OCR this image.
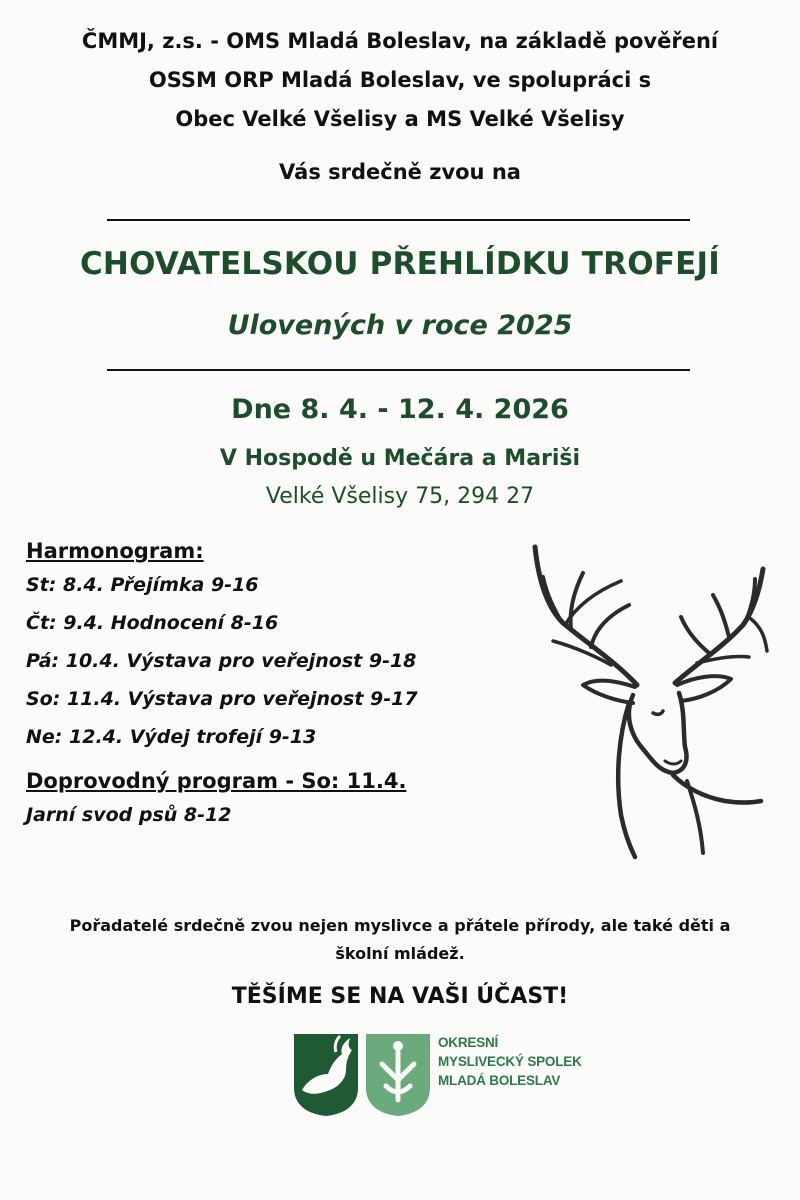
ČMMJ, z.s. - OMS Mladá Boleslav, na základě pověření
OSSM ORP Mladá Boleslav, ve spolupráci s
Obec Velké Všelisy a MS Velké Všelisy
Vás srdečně zvou na
CHOVATELSKOU PŘEHLÍDKU TROFEJÍ
Ulovených v roce 2025
Dne 8. 4. - 12. 4. 2026
V Hospodě u Mečára a Mariši
Velké Všelisy 75, 294 27
Harmonogram:
St: 8.4. Přejímka 9-16
Čt: 9.4. Hodnocení 8-16
Pá: 10.4. Výstava pro veřejnost 9-18
So: 11.4. Výstava pro veřejnost 9-17
Ne: 12.4. Výdej trofejí 9-13
Doprovodný program - So: 11.4.
Jarní svod psů 8-12
Pořadatelé srdečně zvou nejen myslivce a přátele přírody, ale také děti a
školní mládež.
TĚŠÍME SE NA VAŠI ÚČAST!
OKRESNÍ
MYSLIVECKÝ SPOLEK
MLADÁ BOLESLAV
